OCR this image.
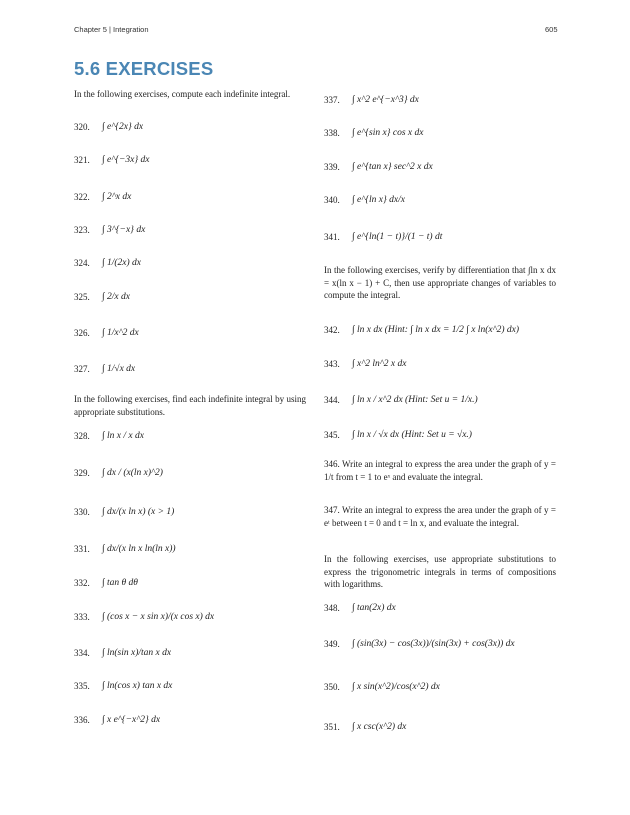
Chapter 5 | Integration	605
5.6 EXERCISES
In the following exercises, compute each indefinite integral.
In the following exercises, find each indefinite integral by using appropriate substitutions.
In the following exercises, verify by differentiation that ∫ln x dx = x(ln x − 1) + C, then use appropriate changes of variables to compute the integral.
346. Write an integral to express the area under the graph of y = 1/t from t = 1 to eˣ and evaluate the integral.
347. Write an integral to express the area under the graph of y = eᵗ between t = 0 and t = ln x, and evaluate the integral.
In the following exercises, use appropriate substitutions to express the trigonometric integrals in terms of compositions with logarithms.
320. ∫ e^{2x} dx
321. ∫ e^{−3x} dx
322. ∫ 2^x dx
323. ∫ 3^{−x} dx
324. ∫ 1/(2x) dx
325. ∫ 2/x dx
326. ∫ 1/x^2 dx
327. ∫ 1/√x dx
328. ∫ ln x / x dx
329. ∫ dx / (x(ln x)^2)
330. ∫ dx/(x ln x) (x > 1)
331. ∫ dx/(x ln x ln(ln x))
332. ∫ tan θ dθ
333. ∫ (cos x − x sin x)/(x cos x) dx
334. ∫ ln(sin x)/tan x dx
335. ∫ ln(cos x) tan x dx
336. ∫ x e^{−x^2} dx
337. ∫ x^2 e^{−x^3} dx
338. ∫ e^{sin x} cos x dx
339. ∫ e^{tan x} sec^2 x dx
340. ∫ e^{ln x} dx/x
341. ∫ e^{ln(1 − t)}/(1 − t) dt
342. ∫ ln x dx (Hint: ∫ ln x dx = 1/2 ∫ x ln(x^2) dx)
343. ∫ x^2 ln^2 x dx
344. ∫ ln x / x^2 dx (Hint: Set u = 1/x.)
345. ∫ ln x / √x dx (Hint: Set u = √x.)
348. ∫ tan(2x) dx
349. ∫ (sin(3x) − cos(3x))/(sin(3x) + cos(3x)) dx
350. ∫ x sin(x^2)/cos(x^2) dx
351. ∫ x csc(x^2) dx
